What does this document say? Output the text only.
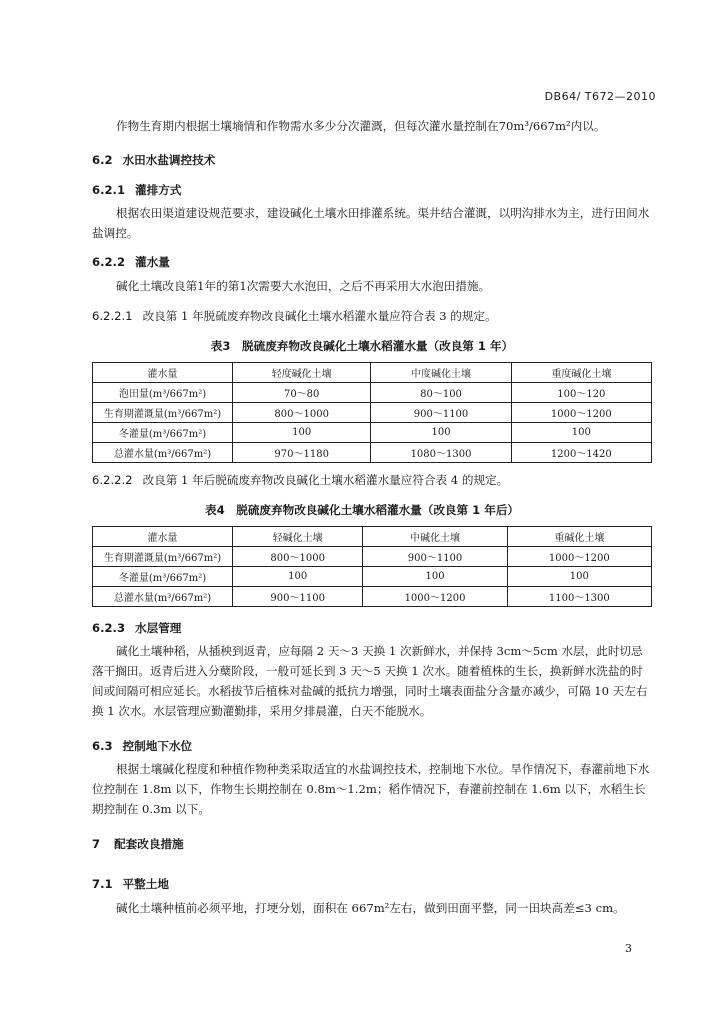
DB64/ T672—2010
作物生育期内根据土壤墒情和作物需水多少分次灌溉，但每次灌水量控制在70m³/667m²内以。
6.2 水田水盐调控技术
6.2.1 灌排方式
根据农田渠道建设规范要求，建设碱化土壤水田排灌系统。渠井结合灌溉，以明沟排水为主，进行田间水盐调控。
6.2.2 灌水量
碱化土壤改良第1年的第1次需要大水泡田，之后不再采用大水泡田措施。
6.2.2.1 改良第 1 年脱硫废弃物改良碱化土壤水稻灌水量应符合表 3 的规定。
表3　脱硫废弃物改良碱化土壤水稻灌水量（改良第 1 年）
灌水量	轻度碱化土壤	中度碱化土壤	重度碱化土壤
泡田量(m³/667m²)	70～80	80～100	100～120
生育期灌溉量(m³/667m²)	800～1000	900～1100	1000～1200
冬灌量(m³/667m²)	100	100	100
总灌水量(m³/667m²)	970～1180	1080～1300	1200～1420
6.2.2.2 改良第 1 年后脱硫废弃物改良碱化土壤水稻灌水量应符合表 4 的规定。
表4　脱硫废弃物改良碱化土壤水稻灌水量（改良第 1 年后）
灌水量	轻碱化土壤	中碱化土壤	重碱化土壤
生育期灌溉量(m³/667m²)	800～1000	900～1100	1000～1200
冬灌量(m³/667m²)	100	100	100
总灌水量(m³/667m²)	900～1100	1000～1200	1100～1300
6.2.3 水层管理
碱化土壤种稻，从插秧到返青，应每隔 2 天～3 天换 1 次新鲜水，并保持 3cm～5cm 水层，此时切忌落干搁田。返青后进入分蘖阶段，一般可延长到 3 天～5 天换 1 次水。随着植株的生长，换新鲜水洗盐的时间或间隔可相应延长。水稻拔节后植株对盐碱的抵抗力增强，同时土壤表面盐分含量亦减少，可隔 10 天左右换 1 次水。水层管理应勤灌勤排，采用夕排晨灌，白天不能脱水。
6.3 控制地下水位
根据土壤碱化程度和种植作物种类采取适宜的水盐调控技术，控制地下水位。旱作情况下，春灌前地下水位控制在 1.8m 以下，作物生长期控制在 0.8m～1.2m；稻作情况下，春灌前控制在 1.6m 以下，水稻生长期控制在 0.3m 以下。
7 配套改良措施
7.1 平整土地
碱化土壤种植前必须平地，打埂分划，面积在 667m²左右，做到田面平整，同一田块高差≤3 cm。
3
